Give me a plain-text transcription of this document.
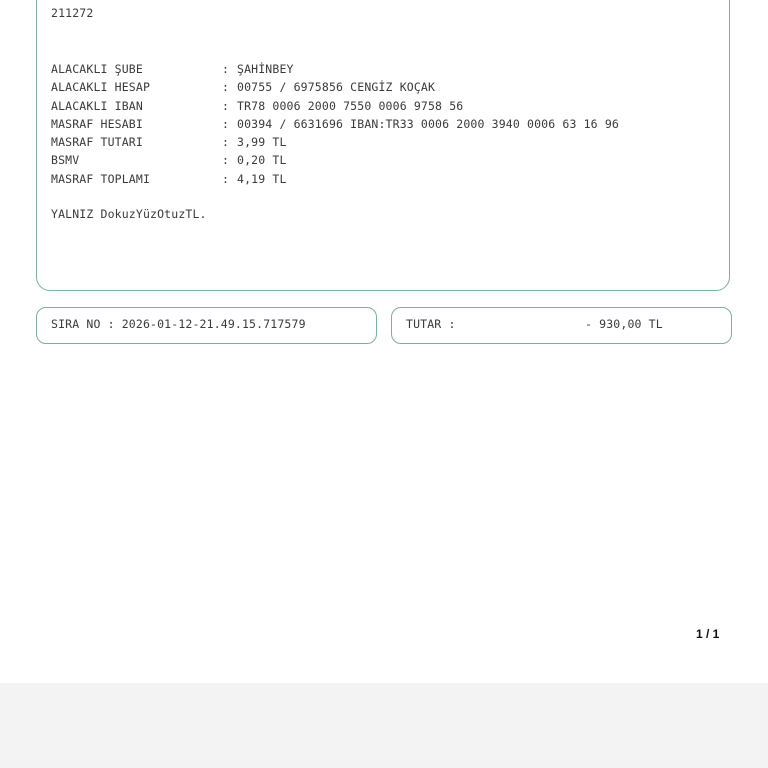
211272
ALACAKLI ŞUBE	: ŞAHİNBEY
ALACAKLI HESAP	: 00755 / 6975856 CENGİZ KOÇAK
ALACAKLI IBAN	: TR78 0006 2000 7550 0006 9758 56
MASRAF HESABI	: 00394 / 6631696 IBAN:TR33 0006 2000 3940 0006 63 16 96
MASRAF TUTARI	: 3,99 TL
BSMV	: 0,20 TL
MASRAF TOPLAMI	: 4,19 TL
YALNIZ DokuzYüzOtuzTL.
SIRA NO : 2026-01-12-21.49.15.717579	TUTAR :	- 930,00 TL
1 / 1
